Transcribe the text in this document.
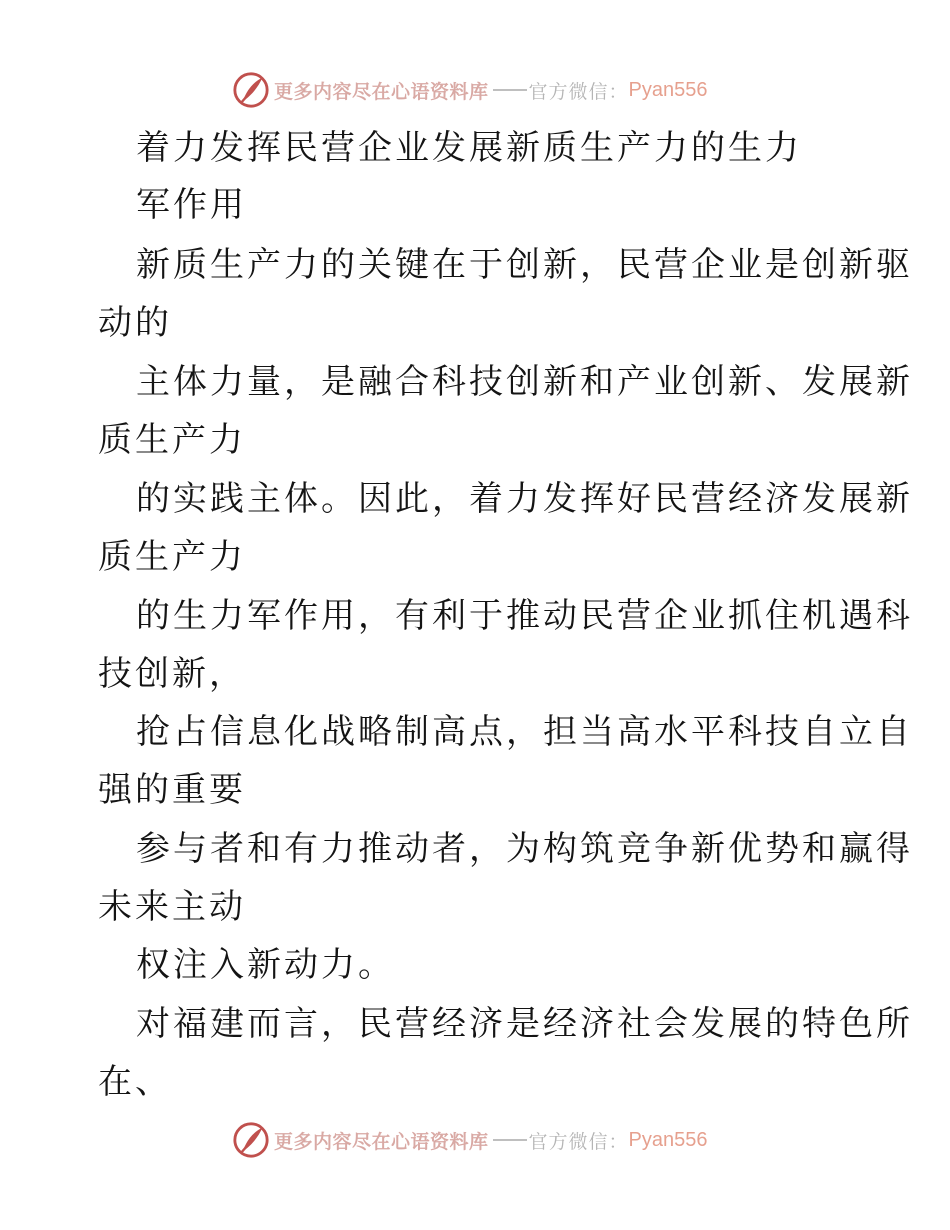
更多内容尽在心语资料库 官方微信： Pyan556
着力发挥民营企业发展新质生产力的生力
军作用
新质生产力的关键在于创新，民营企业是创新驱
动的
主体力量，是融合科技创新和产业创新、发展新
质生产力
的实践主体。因此，着力发挥好民营经济发展新
质生产力
的生力军作用，有利于推动民营企业抓住机遇科
技创新，
抢占信息化战略制高点，担当高水平科技自立自
强的重要
参与者和有力推动者，为构筑竞争新优势和赢得
未来主动
权注入新动力。
对福建而言，民营经济是经济社会发展的特色所
在、
更多内容尽在心语资料库 官方微信： Pyan556
